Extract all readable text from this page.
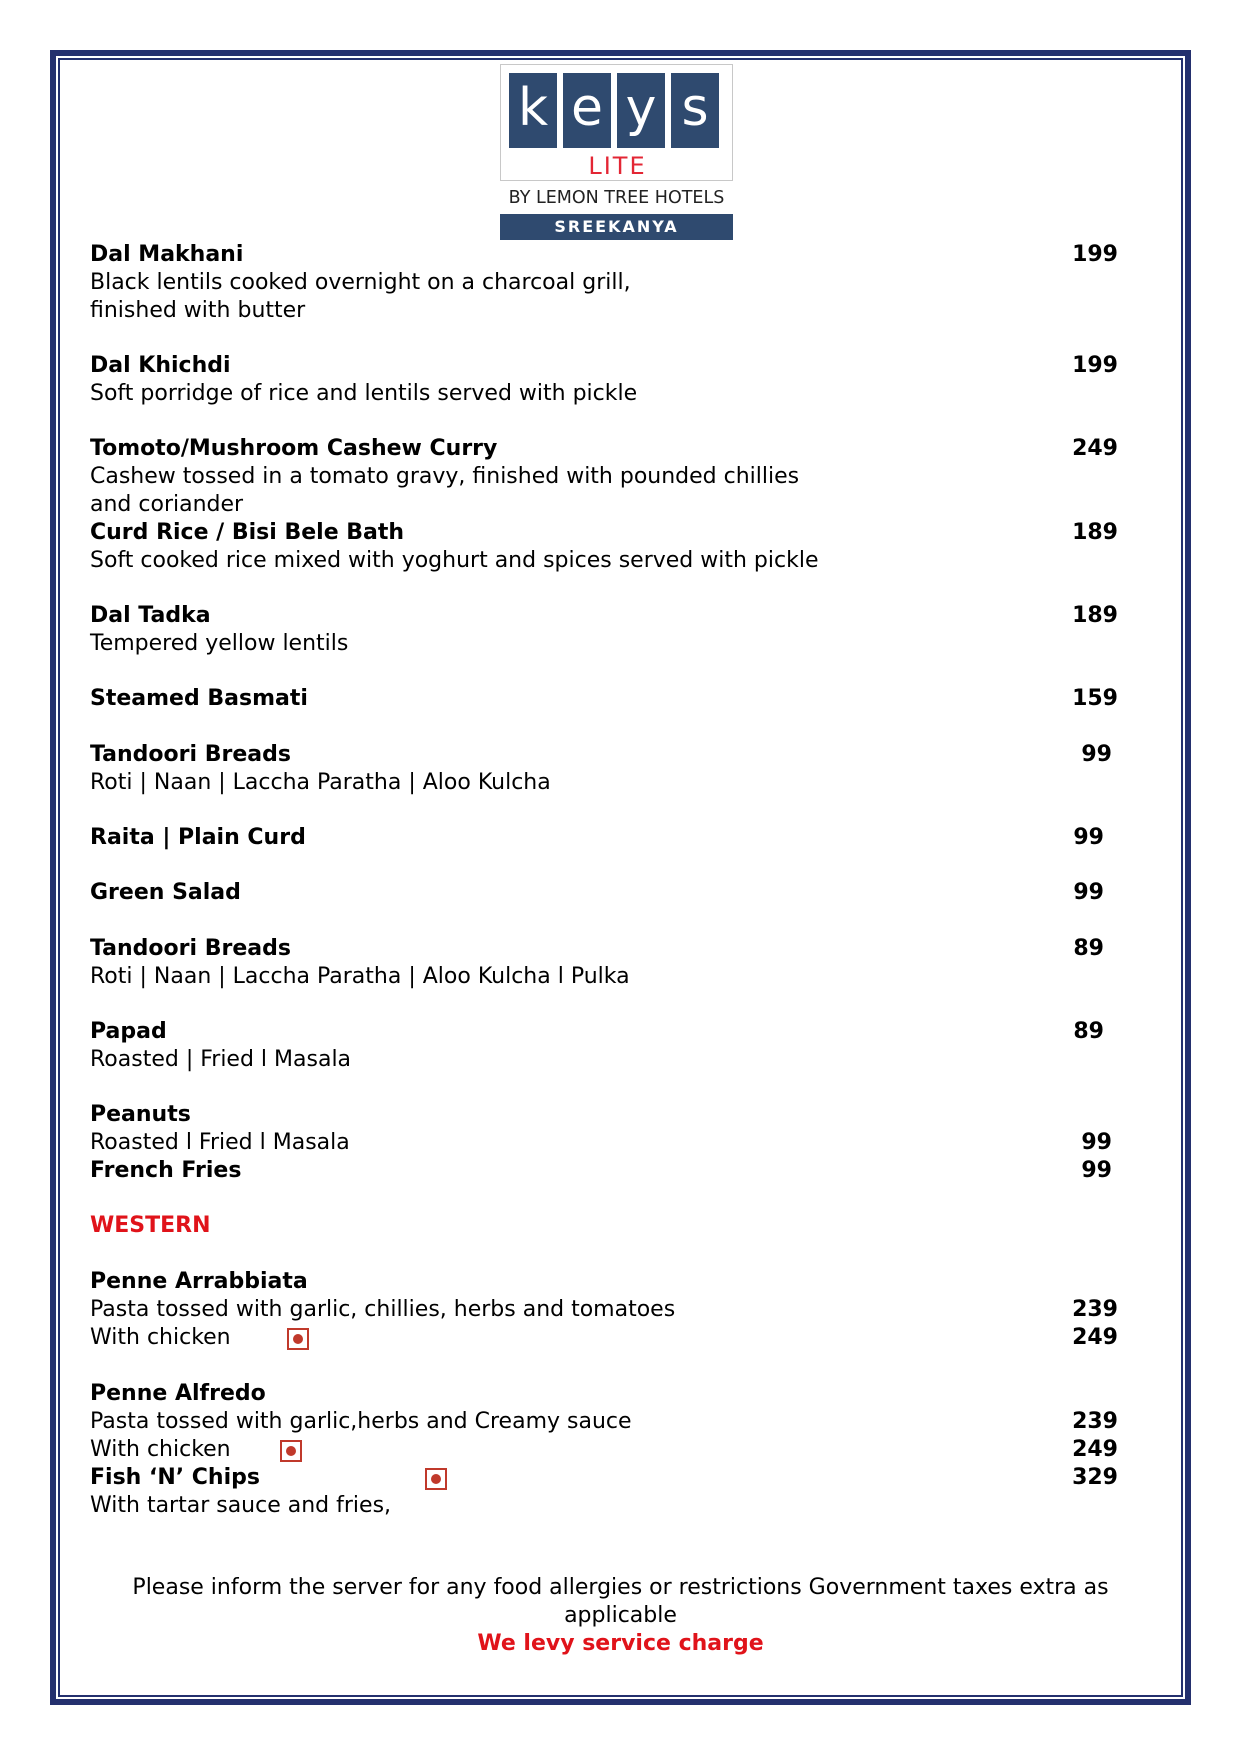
k e y s
LITE
BY LEMON TREE HOTELS
SREEKANYA
Dal Makhani	199
Black lentils cooked overnight on a charcoal grill,
finished with butter
Dal Khichdi	199
Soft porridge of rice and lentils served with pickle
Tomoto/Mushroom Cashew Curry	249
Cashew tossed in a tomato gravy, finished with pounded chillies
and coriander
Curd Rice / Bisi Bele Bath	189
Soft cooked rice mixed with yoghurt and spices served with pickle
Dal Tadka	189
Tempered yellow lentils
Steamed Basmati	159
Tandoori Breads	99
Roti | Naan | Laccha Paratha | Aloo Kulcha
Raita | Plain Curd	99
Green Salad	99
Tandoori Breads	89
Roti | Naan | Laccha Paratha | Aloo Kulcha l Pulka
Papad	89
Roasted | Fried l Masala
Peanuts
Roasted l Fried l Masala	99
French Fries	99
WESTERN
Penne Arrabbiata
Pasta tossed with garlic, chillies, herbs and tomatoes	239
With chicken	249
Penne Alfredo
Pasta tossed with garlic,herbs and Creamy sauce	239
With chicken	249
Fish ‘N’ Chips	329
With tartar sauce and fries,
Please inform the server for any food allergies or restrictions Government taxes extra as
applicable
We levy service charge
